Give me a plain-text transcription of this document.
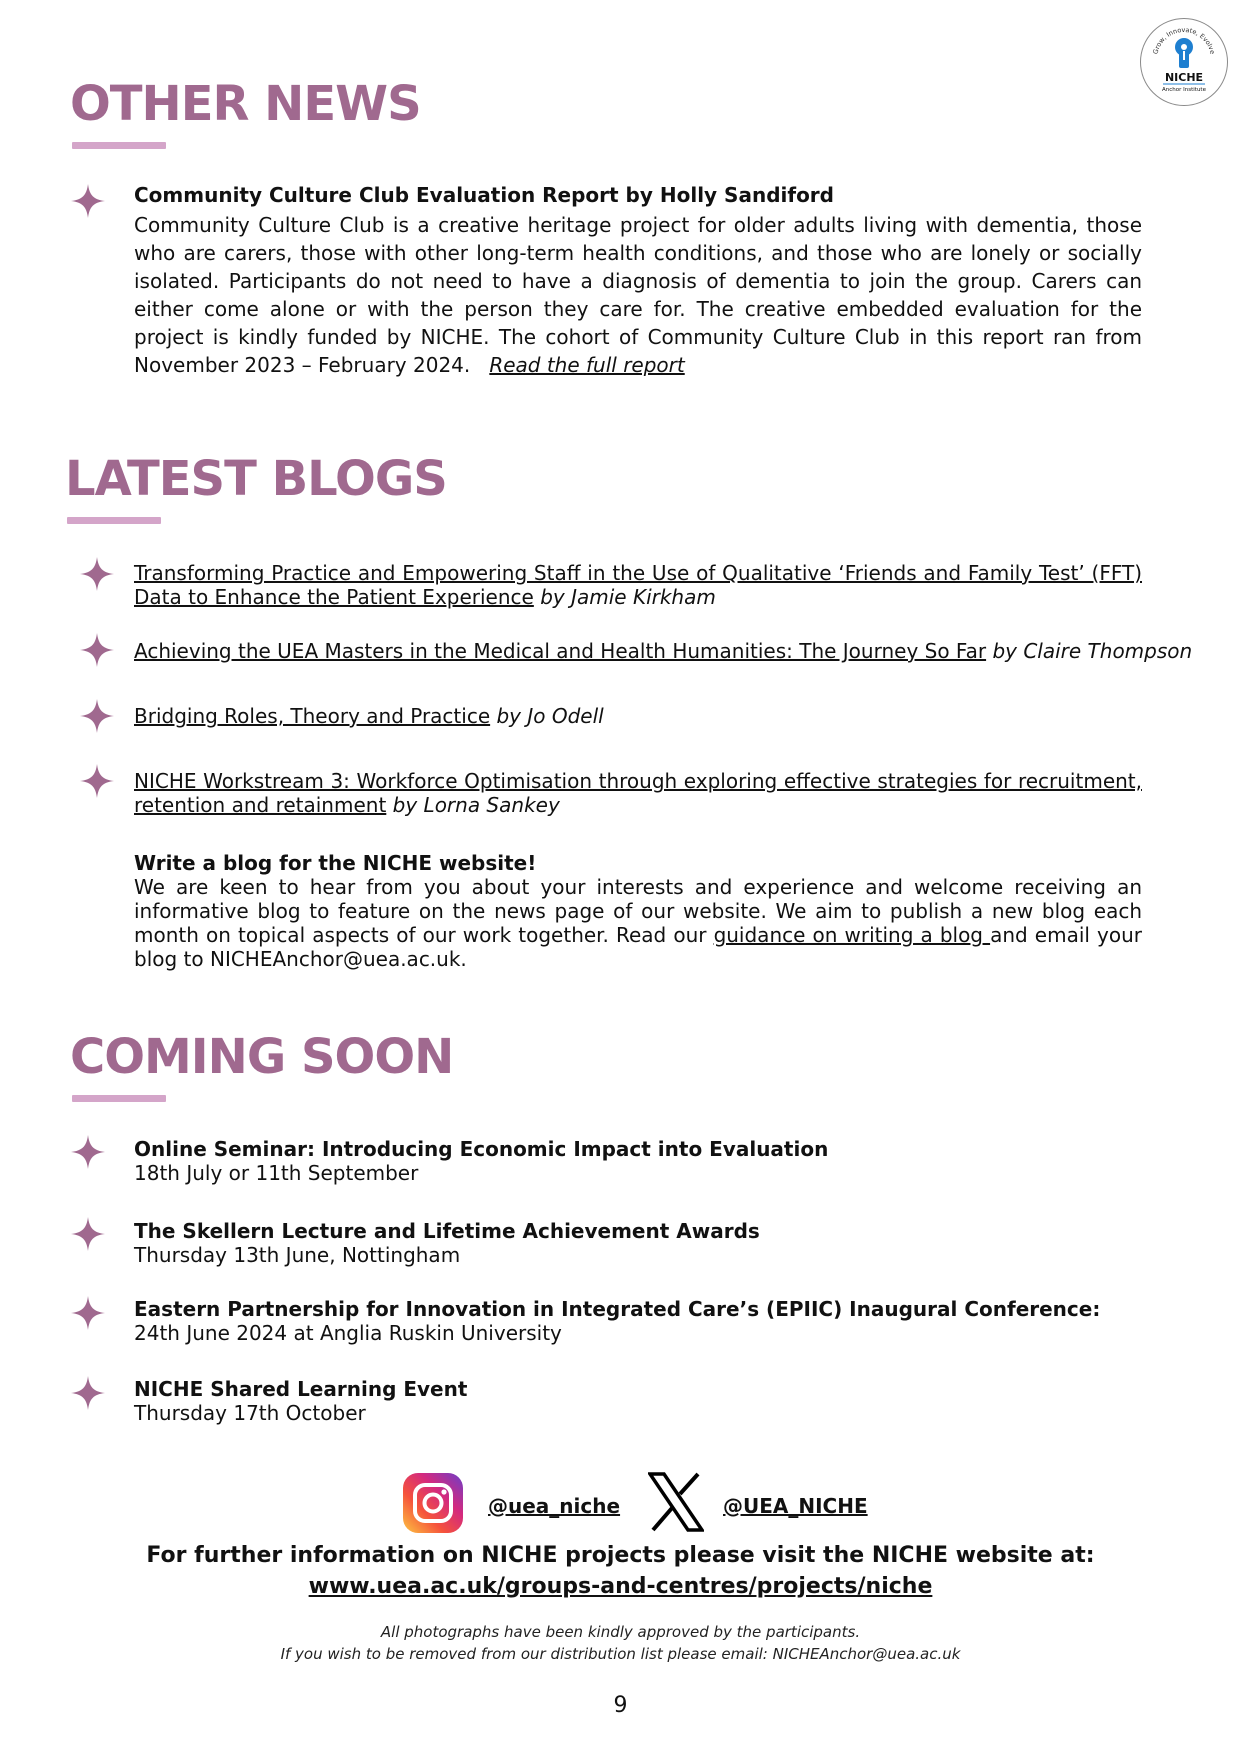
Grow, Innovate, Evolve
NICHE
Anchor Institute
OTHER NEWS
Community Culture Club Evaluation Report by Holly Sandiford
Community Culture Club is a creative heritage project for older adults living with dementia, those who are carers, those with other long-term health conditions, and those who are lonely or socially isolated. Participants do not need to have a diagnosis of dementia to join the group. Carers can either come alone or with the person they care for. The creative embedded evaluation for the project is kindly funded by NICHE. The cohort of Community Culture Club in this report ran from November 2023 – February 2024. Read the full report
LATEST BLOGS
Transforming Practice and Empowering Staff in the Use of Qualitative ‘Friends and Family Test’ (FFT) Data to Enhance the Patient Experience by Jamie Kirkham
Achieving the UEA Masters in the Medical and Health Humanities: The Journey So Far by Claire Thompson
Bridging Roles, Theory and Practice by Jo Odell
NICHE Workstream 3: Workforce Optimisation through exploring effective strategies for recruitment, retention and retainment by Lorna Sankey
Write a blog for the NICHE website!
We are keen to hear from you about your interests and experience and welcome receiving an informative blog to feature on the news page of our website. We aim to publish a new blog each month on topical aspects of our work together. Read our guidance on writing a blog and email your blog to NICHEAnchor@uea.ac.uk.
COMING SOON
Online Seminar: Introducing Economic Impact into Evaluation
18th July or 11th September
The Skellern Lecture and Lifetime Achievement Awards
Thursday 13th June, Nottingham
Eastern Partnership for Innovation in Integrated Care’s (EPIIC) Inaugural Conference:
24th June 2024 at Anglia Ruskin University
NICHE Shared Learning Event
Thursday 17th October
@uea_niche	@UEA_NICHE
For further information on NICHE projects please visit the NICHE website at:
www.uea.ac.uk/groups-and-centres/projects/niche
All photographs have been kindly approved by the participants.
If you wish to be removed from our distribution list please email: NICHEAnchor@uea.ac.uk
9
